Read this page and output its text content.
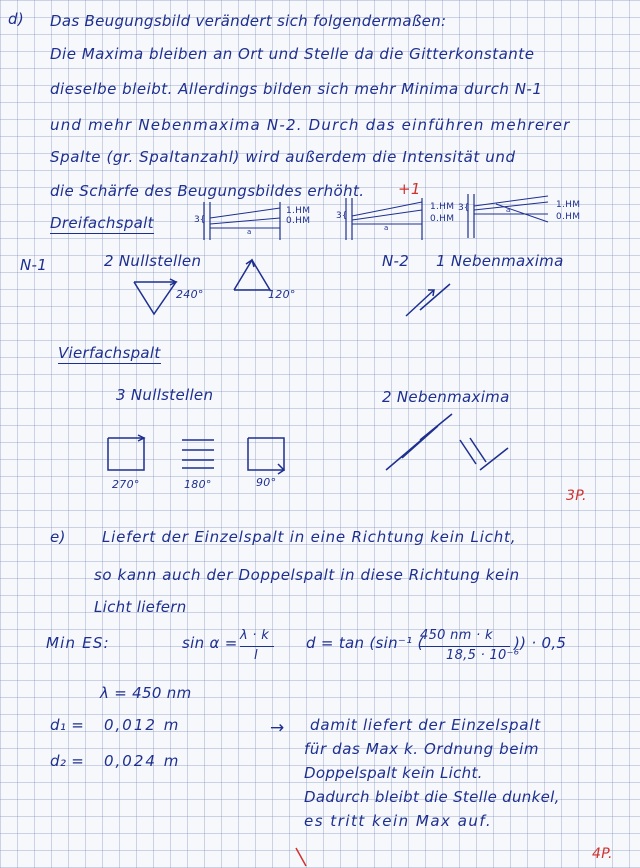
d) Das Beugungsbild verändert sich folgendermaßen:
Die Maxima bleiben an Ort und Stelle da die Gitterkonstante
dieselbe bleibt. Allerdings bilden sich mehr Minima durch N-1
und mehr Nebenmaxima N-2. Durch das einführen mehrerer
Spalte (gr. Spaltanzahl) wird außerdem die Intensität und
die Schärfe des Beugungsbildes erhöht. +1
Dreifachspalt	3{
a
1.HM
0.HM	3{
a
1.HM
0.HM
3{	a	1.HM
0.HM
N-1	2 Nullstellen
240°	120°
N-2 1 Nebenmaxima
Vierfachspalt
3 Nullstellen	2 Nebenmaxima
270°	180°	90°
3P.
e) Liefert der Einzelspalt in eine Richtung kein Licht,
so kann auch der Doppelspalt in diese Richtung kein
Licht liefern
Min ES:	sin α = λ · k
l
d = tan (sin⁻¹ (
450 nm · k
18,5 · 10⁻⁶
)) · 0,5
λ = 450 nm
d₁ = 0,012 m
d₂ = 0,024 m
→ damit liefert der Einzelspalt
für das Max k. Ordnung beim
Doppelspalt kein Licht.
Dadurch bleibt die Stelle dunkel,
es tritt kein Max auf.
4P.
